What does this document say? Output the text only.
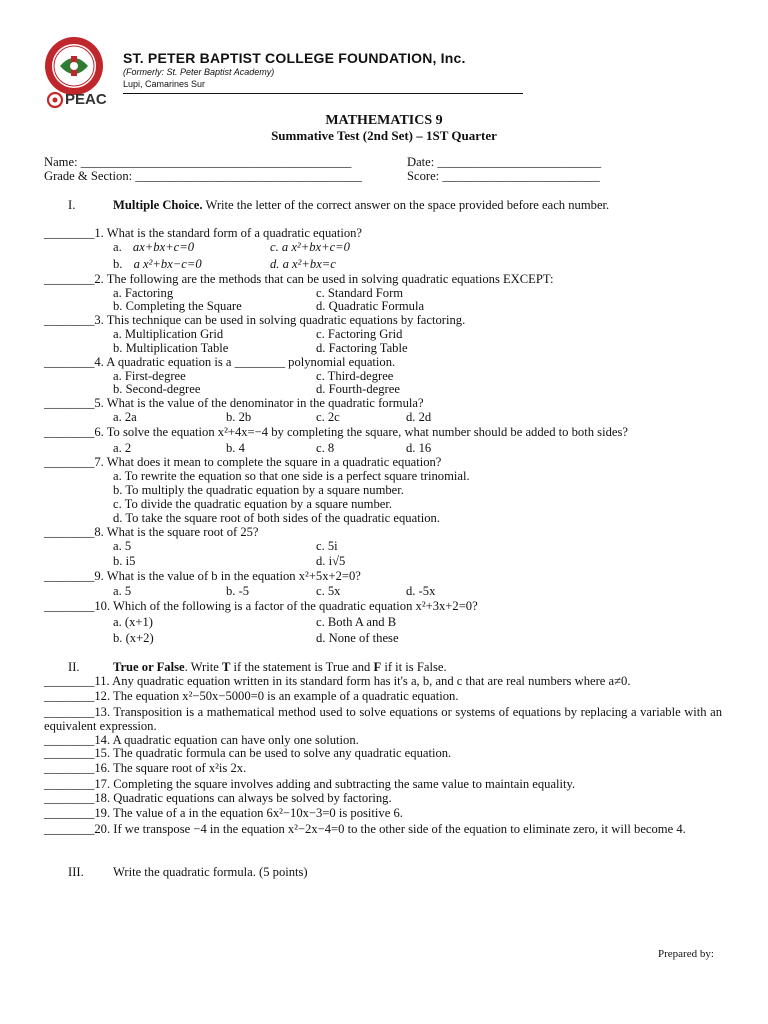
PEAC
ST. PETER BAPTIST COLLEGE FOUNDATION, Inc.
(Formerly: St. Peter Baptist Academy)
Lupi, Camarines Sur
MATHEMATICS 9
Summative Test (2nd Set) – 1ST Quarter
Name: ___________________________________________	Date: __________________________
Grade & Section: ____________________________________	Score: _________________________
I.	Multiple Choice. Write the letter of the correct answer on the space provided before each number.
________1. What is the standard form of a quadratic equation?
a. ax+bx+c=0	c. a x²+bx+c=0
b. a x²+bx−c=0	d. a x²+bx=c
________2. The following are the methods that can be used in solving quadratic equations EXCEPT:
a. Factoring	c. Standard Form
b. Completing the Square	d. Quadratic Formula
________3. This technique can be used in solving quadratic equations by factoring.
a. Multiplication Grid	c. Factoring Grid
b. Multiplication Table	d. Factoring Table
________4. A quadratic equation is a ________ polynomial equation.
a. First-degree	c. Third-degree
b. Second-degree	d. Fourth-degree
________5. What is the value of the denominator in the quadratic formula?
a. 2a	b. 2b	c. 2c	d. 2d
________6. To solve the equation x²+4x=−4 by completing the square, what number should be added to both sides?
a. 2	b. 4	c. 8	d. 16
________7. What does it mean to complete the square in a quadratic equation?
a. To rewrite the equation so that one side is a perfect square trinomial.
b. To multiply the quadratic equation by a square number.
c. To divide the quadratic equation by a square number.
d. To take the square root of both sides of the quadratic equation.
________8. What is the square root of 25?
a. 5	c. 5i
b. i5	d. i√5
________9. What is the value of b in the equation x²+5x+2=0?
a. 5	b. -5	c. 5x	d. -5x
________10. Which of the following is a factor of the quadratic equation x²+3x+2=0?
a. (x+1)	c. Both A and B
b. (x+2)	d. None of these
II.	True or False. Write T if the statement is True and F if it is False.
________11. Any quadratic equation written in its standard form has it's a, b, and c that are real numbers where a≠0.
________12. The equation x²−50x−5000=0 is an example of a quadratic equation.
________13. Transposition is a mathematical method used to solve equations or systems of equations by replacing a variable with an equivalent expression.
________14. A quadratic equation can have only one solution.
________15. The quadratic formula can be used to solve any quadratic equation.
________16. The square root of x²is 2x.
________17. Completing the square involves adding and subtracting the same value to maintain equality.
________18. Quadratic equations can always be solved by factoring.
________19. The value of a in the equation 6x²−10x−3=0 is positive 6.
________20. If we transpose −4 in the equation x²−2x−4=0 to the other side of the equation to eliminate zero, it will become 4.
III. Write the quadratic formula. (5 points)
Prepared by:
